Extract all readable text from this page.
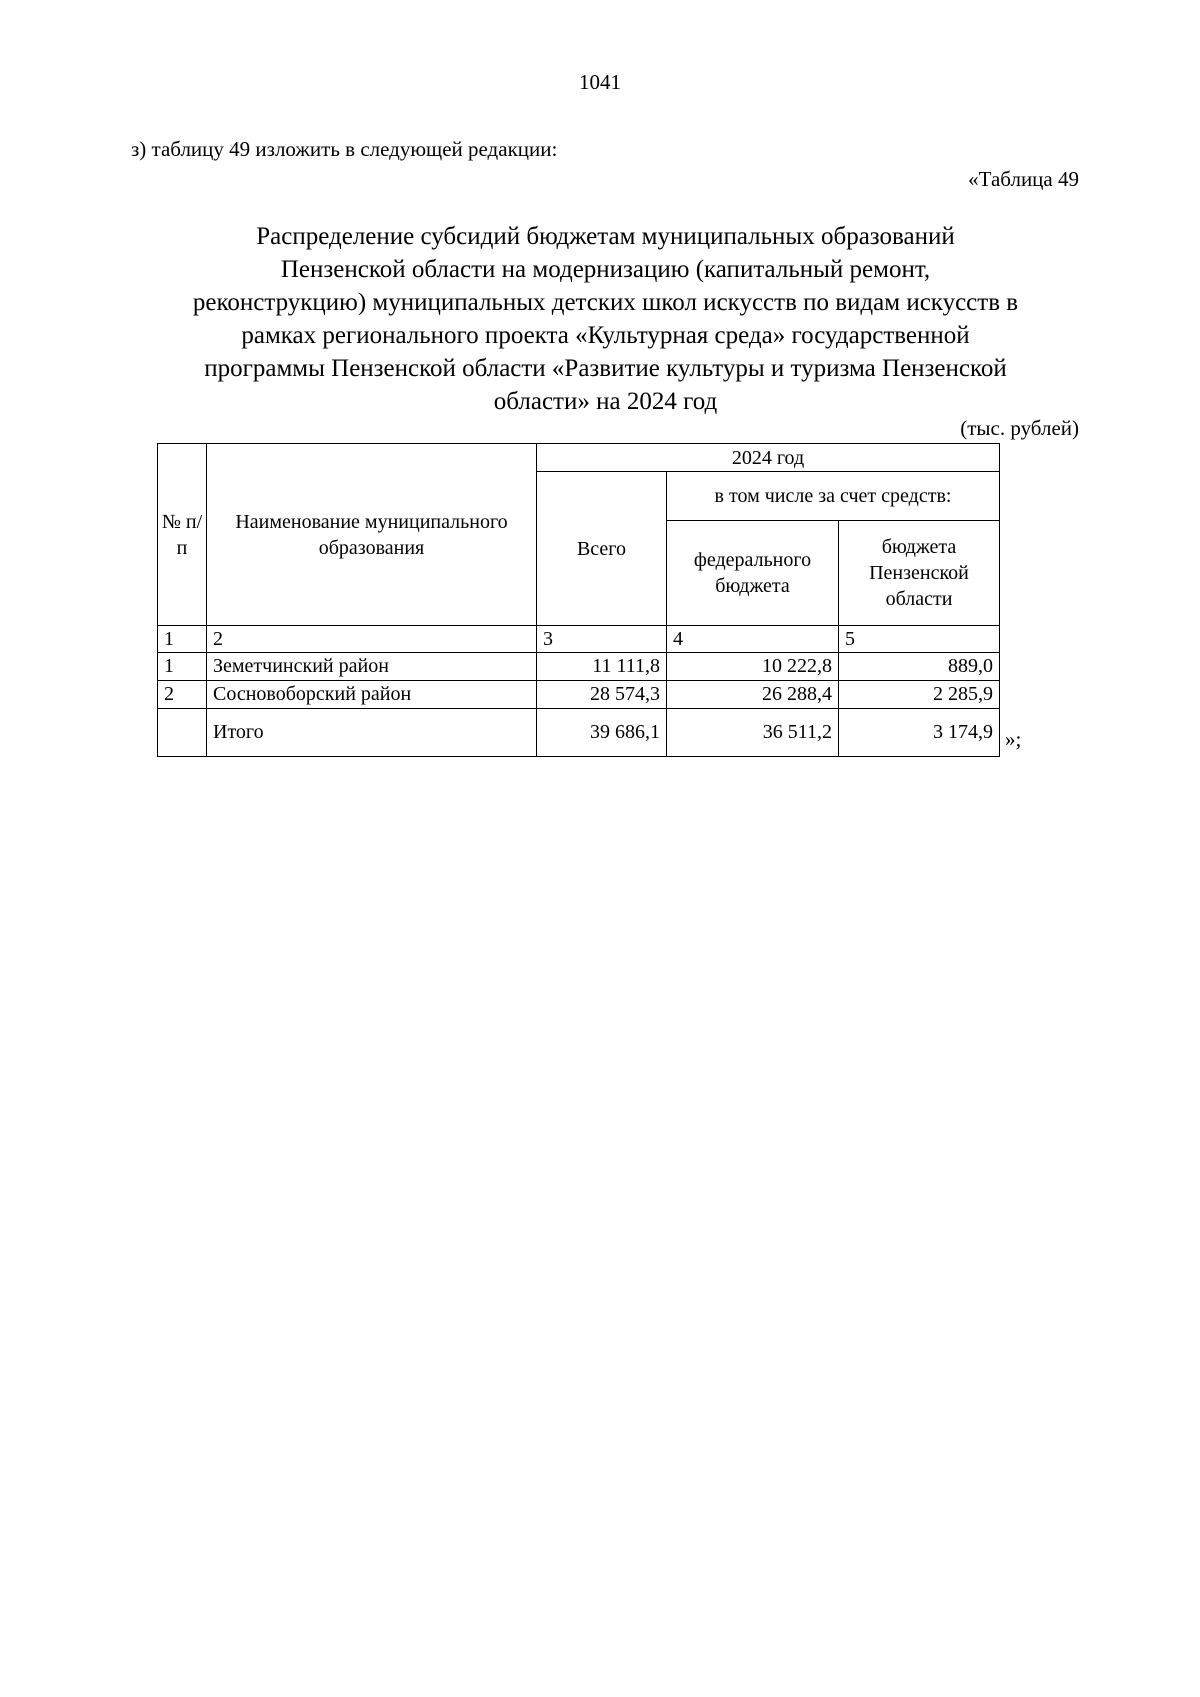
1041
з) таблицу 49 изложить в следующей редакции:
«Таблица 49
Распределение субсидий бюджетам муниципальных образований
Пензенской области на модернизацию (капитальный ремонт,
реконструкцию) муниципальных детских школ искусств по видам искусств в
рамках регионального проекта «Культурная среда» государственной
программы Пензенской области «Развитие культуры и туризма Пензенской
области» на 2024 год
(тыс. рублей)
№ п/п	Наименование муниципального образования	2024 год		
		Всего	в том числе за счет средств:	
			федерального бюджета	бюджета Пензенской области
1	2	3	4	5
1	Земетчинский район	11 111,8	10 222,8	889,0
2	Сосновоборский район	28 574,3	26 288,4	2 285,9
	Итого	39 686,1	36 511,2	3 174,9 »;
